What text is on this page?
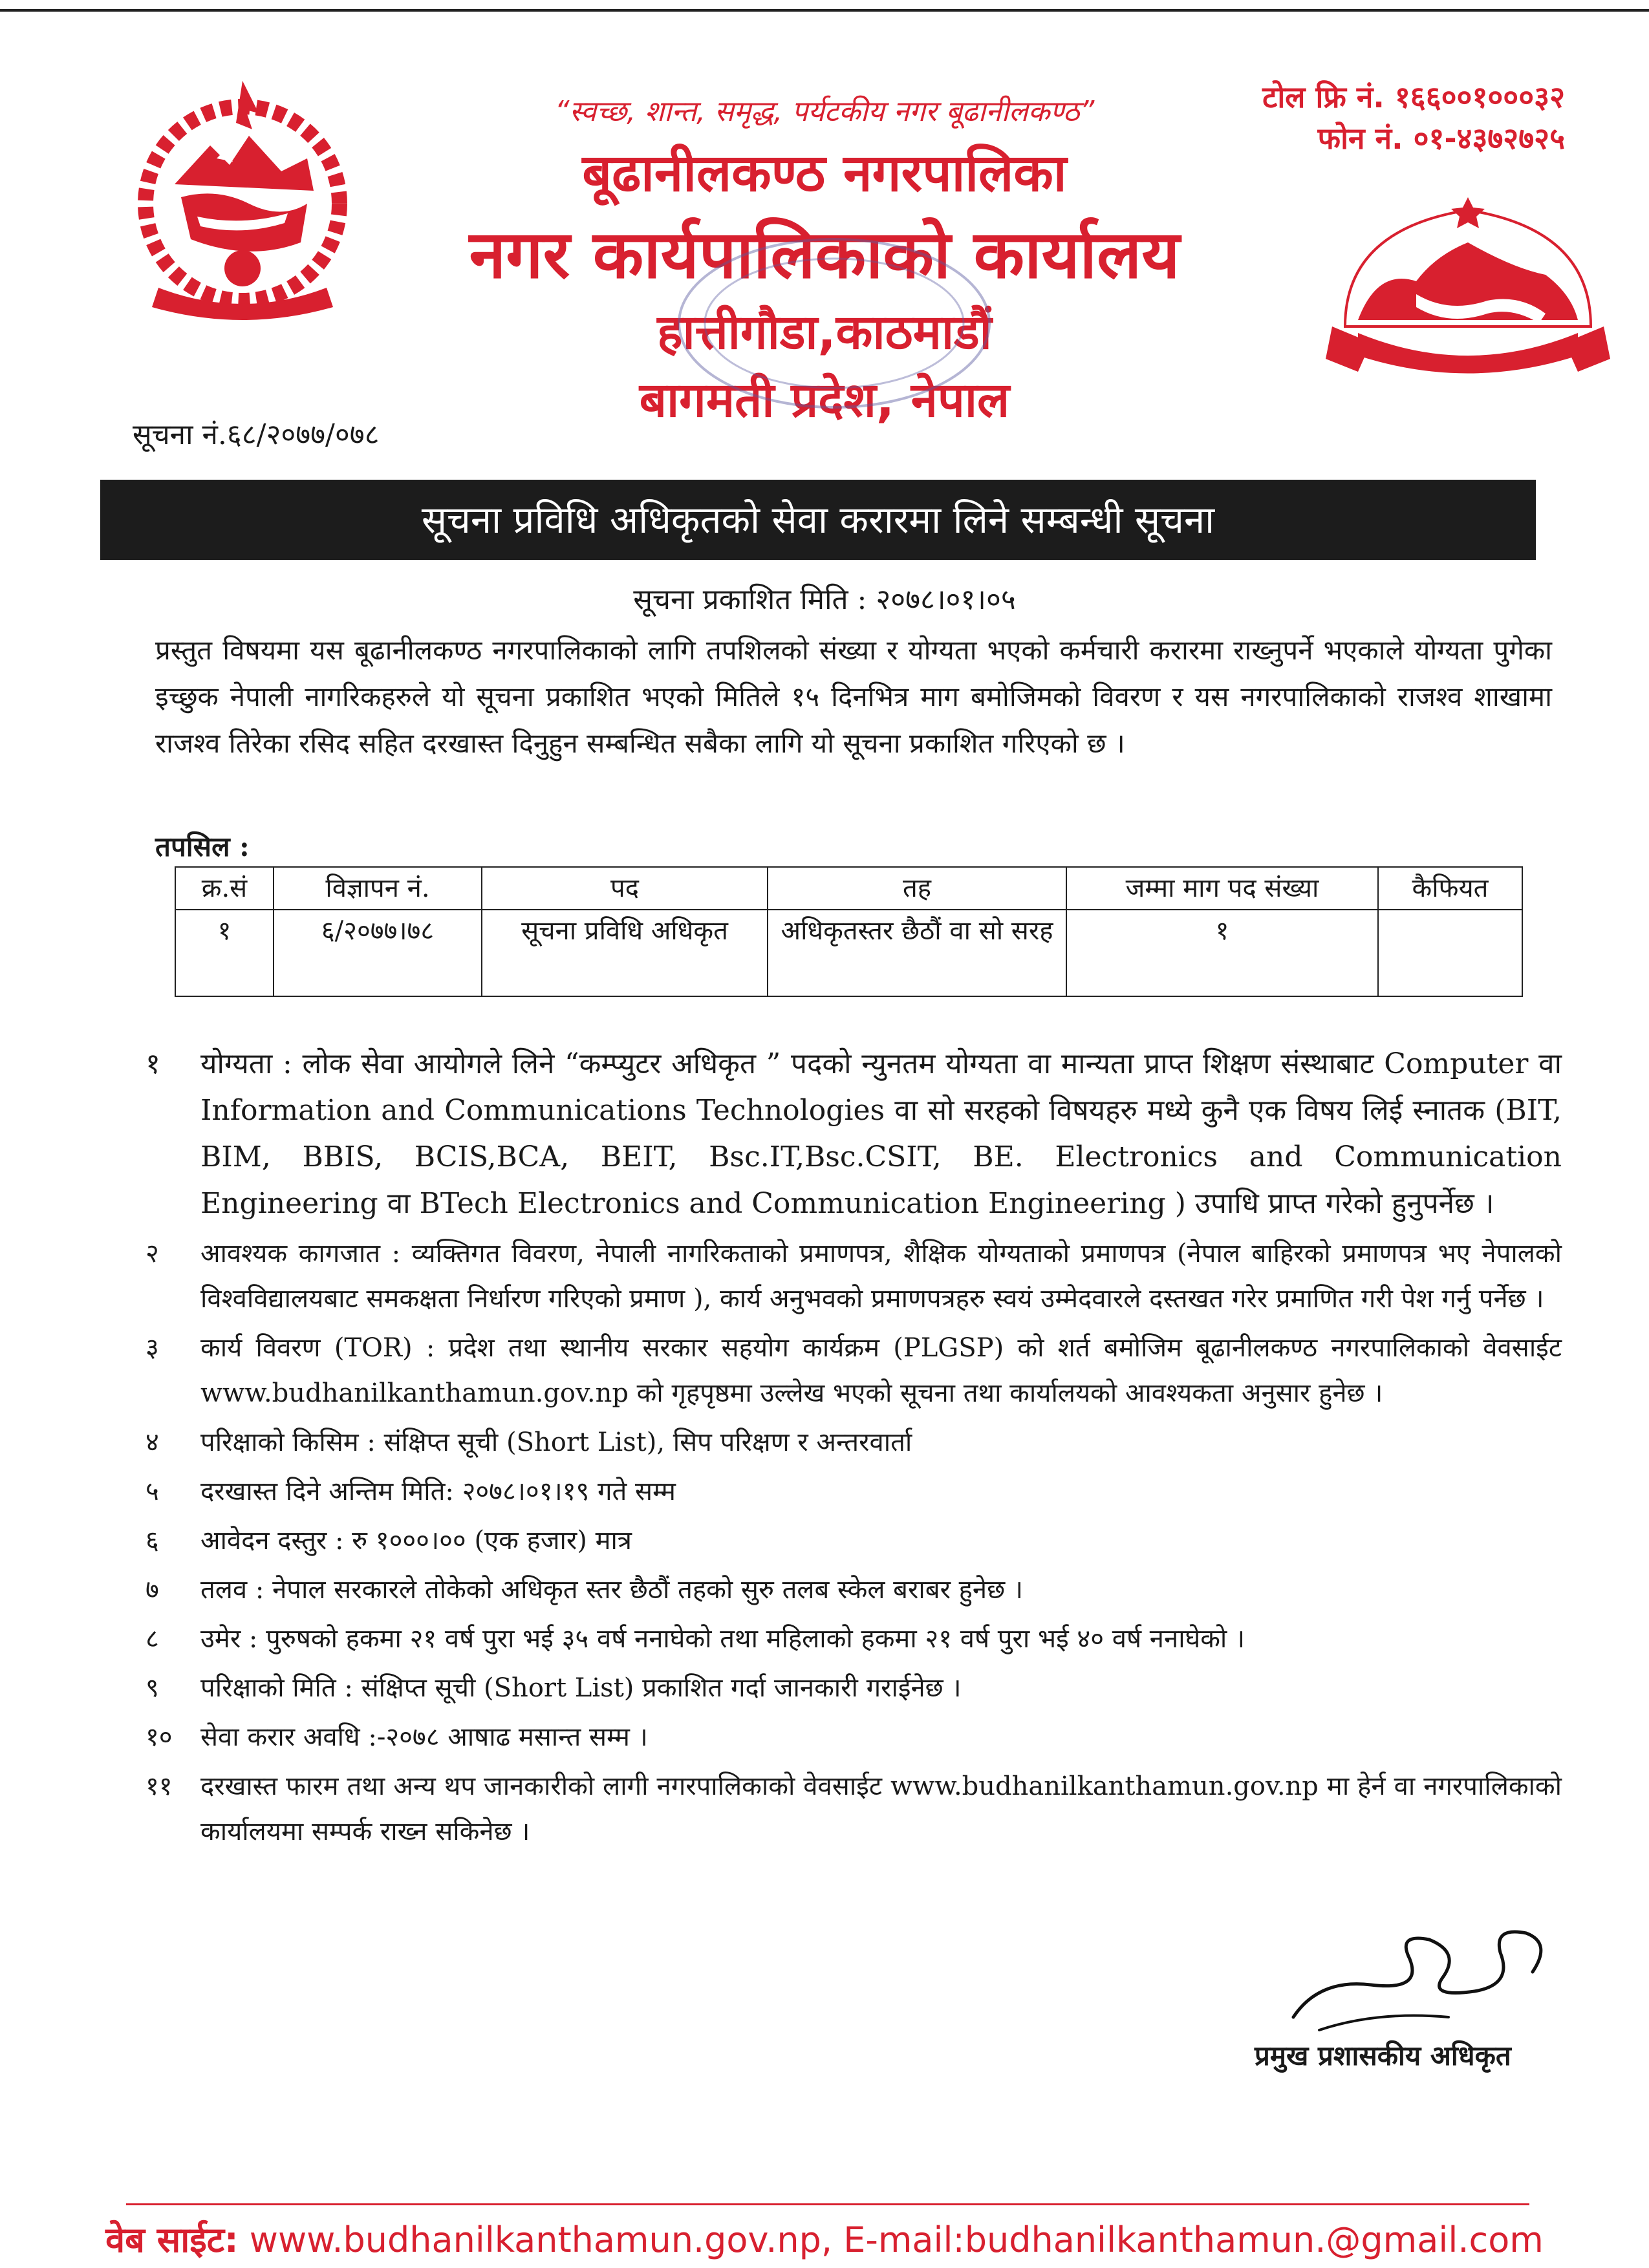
“स्वच्छ, शान्त, समृद्ध, पर्यटकीय नगर बूढानीलकण्ठ”
बूढानीलकण्ठ नगरपालिका
नगर कार्यपालिकाको कार्यालय
हात्तीगौडा,काठमाडौं
बागमती प्रदेश, नेपाल
टोल फ्रि नं. १६६००१०००३२
फोन नं. ०१-४३७२७२५
सूचना नं.६८/२०७७/०७८
सूचना प्रविधि अधिकृतको सेवा करारमा लिने सम्बन्धी सूचना
सूचना प्रकाशित मिति : २०७८।०१।०५
प्रस्तुत विषयमा यस बूढानीलकण्ठ नगरपालिकाको लागि तपशिलको संख्या र योग्यता भएको कर्मचारी करारमा राख्नुपर्ने भएकाले योग्यता पुगेका इच्छुक नेपाली नागरिकहरुले यो सूचना प्रकाशित भएको मितिले १५ दिनभित्र माग बमोजिमको विवरण र यस नगरपालिकाको राजश्व शाखामा राजश्व तिरेका रसिद सहित दरखास्त दिनुहुन सम्बन्धित सबैका लागि यो सूचना प्रकाशित गरिएको छ ।
तपसिल :
क्र.सं	विज्ञापन नं.	पद	तह	जम्मा माग पद संख्या	कैफियत
१	६/२०७७।७८	सूचना प्रविधि अधिकृत	अधिकृतस्तर छैठौं वा सो सरह	१	
१	योग्यता : लोक सेवा आयोगले लिने “कम्प्युटर अधिकृत ” पदको न्युनतम योग्यता वा मान्यता प्राप्त शिक्षण संस्थाबाट Computer वा Information and Communications Technologies वा सो सरहको विषयहरु मध्ये कुनै एक विषय लिई स्नातक (BIT, BIM, BBIS, BCIS,BCA, BEIT, Bsc.IT,Bsc.CSIT, BE. Electronics and Communication Engineering वा BTech Electronics and Communication Engineering ) उपाधि प्राप्त गरेको हुनुपर्नेछ ।
२	आवश्यक कागजात : व्यक्तिगत विवरण, नेपाली नागरिकताको प्रमाणपत्र, शैक्षिक योग्यताको प्रमाणपत्र (नेपाल बाहिरको प्रमाणपत्र भए नेपालको विश्वविद्यालयबाट समकक्षता निर्धारण गरिएको प्रमाण ), कार्य अनुभवको प्रमाणपत्रहरु स्वयं उम्मेदवारले दस्तखत गरेर प्रमाणित गरी पेश गर्नु पर्नेछ ।
३	कार्य विवरण (TOR) : प्रदेश तथा स्थानीय सरकार सहयोग कार्यक्रम (PLGSP) को शर्त बमोजिम बूढानीलकण्ठ नगरपालिकाको वेवसाईट www.budhanilkanthamun.gov.np को गृहपृष्ठमा उल्लेख भएको सूचना तथा कार्यालयको आवश्यकता अनुसार हुनेछ ।
४	परिक्षाको किसिम : संक्षिप्त सूची (Short List), सिप परिक्षण र अन्तरवार्ता
५	दरखास्त दिने अन्तिम मिति: २०७८।०१।१९ गते सम्म
६	आवेदन दस्तुर : रु १०००।०० (एक हजार) मात्र
७	तलव : नेपाल सरकारले तोकेको अधिकृत स्तर छैठौं तहको सुरु तलब स्केल बराबर हुनेछ ।
८	उमेर : पुरुषको हकमा २१ वर्ष पुरा भई ३५ वर्ष ननाघेको तथा महिलाको हकमा २१ वर्ष पुरा भई ४० वर्ष ननाघेको ।
९	परिक्षाको मिति : संक्षिप्त सूची (Short List) प्रकाशित गर्दा जानकारी गराईनेछ ।
१०	सेवा करार अवधि :-२०७८ आषाढ मसान्त सम्म ।
११	दरखास्त फारम तथा अन्य थप जानकारीको लागी नगरपालिकाको वेवसाईट www.budhanilkanthamun.gov.np मा हेर्न वा नगरपालिकाको कार्यालयमा सम्पर्क राख्न सकिनेछ ।
प्रमुख प्रशासकीय अधिकृत
वेब साईट: www.budhanilkanthamun.gov.np, E-mail:budhanilkanthamun.@gmail.com
